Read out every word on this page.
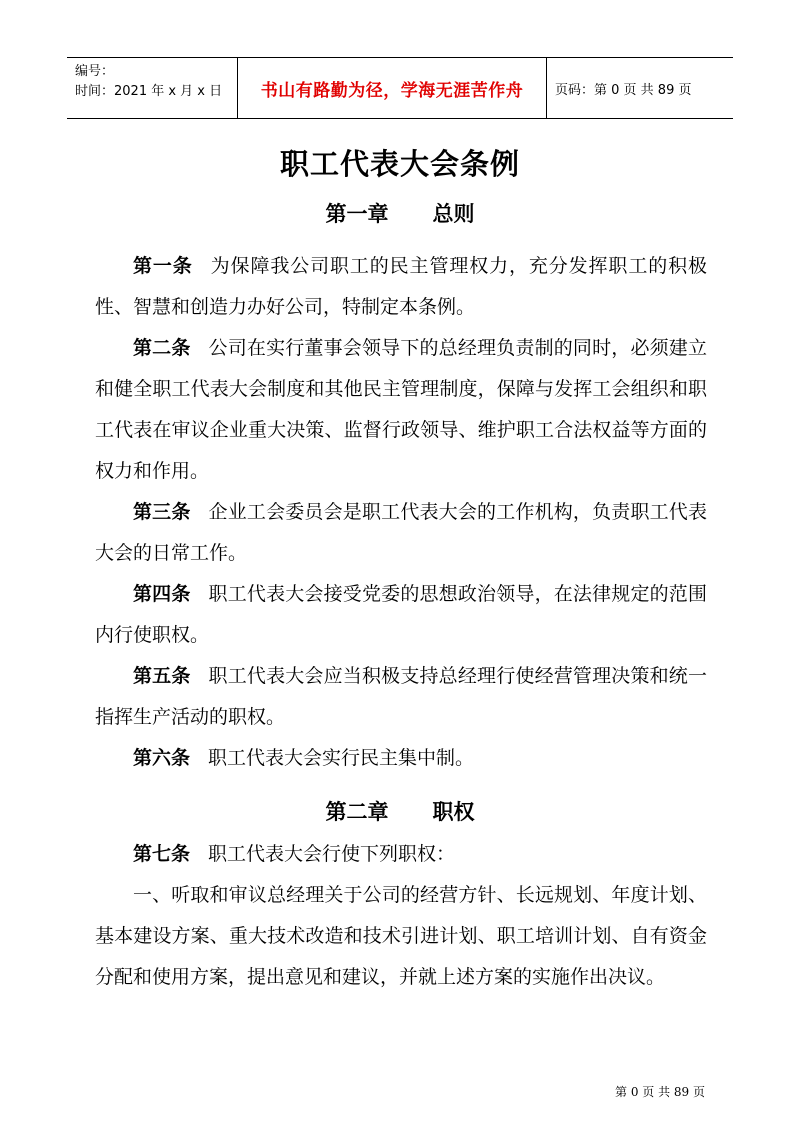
编号：
时间：2021 年 x 月 x 日	书山有路勤为径，学海无涯苦作舟	页码：第 0 页 共 89 页
职工代表大会条例
第一章 总则

第一条 为保障我公司职工的民主管理权力，充分发挥职工的积极性、智慧和创造力办好公司，特制定本条例。

第二条 公司在实行董事会领导下的总经理负责制的同时，必须建立和健全职工代表大会制度和其他民主管理制度，保障与发挥工会组织和职工代表在审议企业重大决策、监督行政领导、维护职工合法权益等方面的权力和作用。

第三条 企业工会委员会是职工代表大会的工作机构，负责职工代表大会的日常工作。

第四条 职工代表大会接受党委的思想政治领导，在法律规定的范围内行使职权。

第五条 职工代表大会应当积极支持总经理行使经营管理决策和统一指挥生产活动的职权。

第六条 职工代表大会实行民主集中制。

第二章 职权

第七条 职工代表大会行使下列职权：

一、听取和审议总经理关于公司的经营方针、长远规划、年度计划、基本建设方案、重大技术改造和技术引进计划、职工培训计划、自有资金分配和使用方案，提出意见和建议，并就上述方案的实施作出决议。

第 0 页 共 89 页
